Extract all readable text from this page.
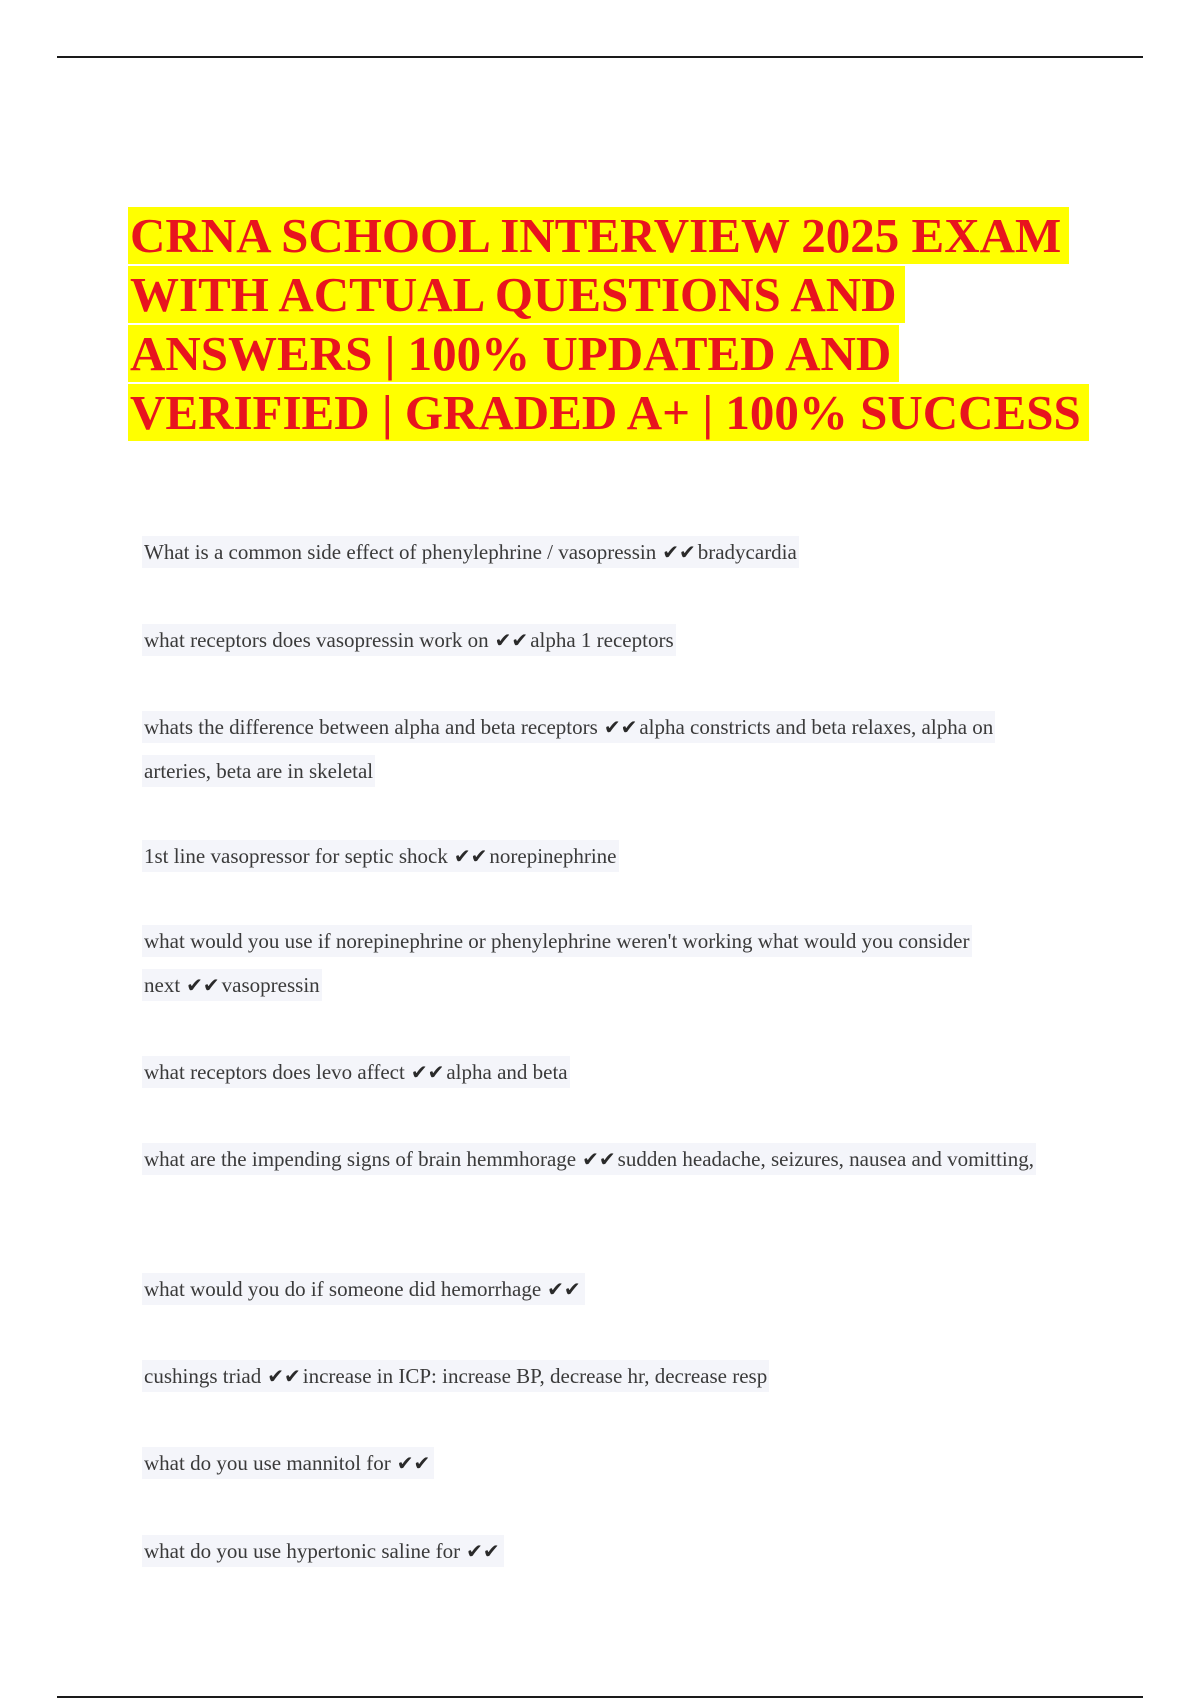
CRNA SCHOOL INTERVIEW 2025 EXAM WITH ACTUAL QUESTIONS AND ANSWERS | 100% UPDATED AND VERIFIED | GRADED A+ | 100% SUCCESS
What is a common side effect of phenylephrine / vasopressin ✔✔bradycardia
what receptors does vasopressin work on ✔✔alpha 1 receptors
whats the difference between alpha and beta receptors ✔✔alpha constricts and beta relaxes, alpha on arteries, beta are in skeletal
1st line vasopressor for septic shock ✔✔norepinephrine
what would you use if norepinephrine or phenylephrine weren't working what would you consider next ✔✔vasopressin
what receptors does levo affect ✔✔alpha and beta
what are the impending signs of brain hemmhorage ✔✔sudden headache, seizures, nausea and vomitting,
what would you do if someone did hemorrhage ✔✔
cushings triad ✔✔increase in ICP: increase BP, decrease hr, decrease resp
what do you use mannitol for ✔✔
what do you use hypertonic saline for ✔✔
